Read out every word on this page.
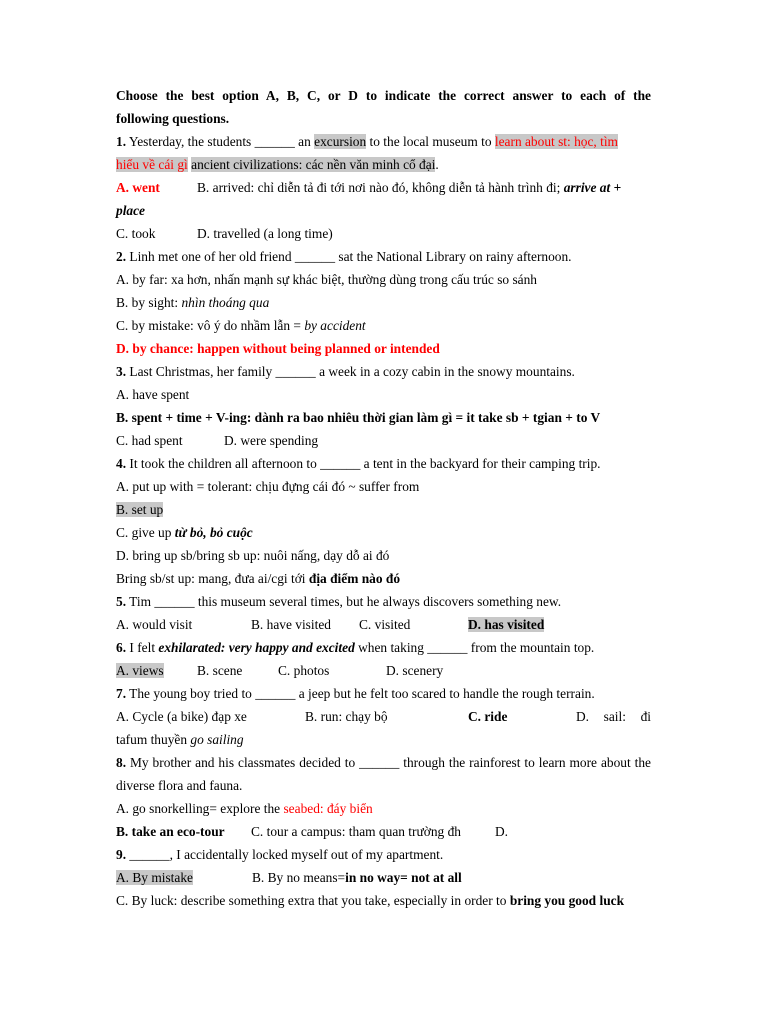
Choose the best option A, B, C, or D to indicate the correct answer to each of the
following questions.
1. Yesterday, the students ______ an excursion to the local museum to learn about st: học, tìm
hiểu về cái gì ancient civilizations: các nền văn minh cổ đại.
A. went	B. arrived: chỉ diễn tả đi tới nơi nào đó, không diễn tả hành trình đi; arrive at +
place
C. took	D. travelled (a long time)
2. Linh met one of her old friend ______ sat the National Library on rainy afternoon.
A. by far: xa hơn, nhấn mạnh sự khác biệt, thường dùng trong cấu trúc so sánh
B. by sight: nhìn thoáng qua
C. by mistake: vô ý do nhầm lẫn = by accident
D. by chance: happen without being planned or intended
3. Last Christmas, her family ______ a week in a cozy cabin in the snowy mountains.
A. have spent
B. spent + time + V-ing: dành ra bao nhiêu thời gian làm gì = it take sb + tgian + to V
C. had spent	D. were spending
4. It took the children all afternoon to ______ a tent in the backyard for their camping trip.
A. put up with = tolerant: chịu đựng cái đó ~ suffer from
B. set up
C. give up từ bỏ, bỏ cuộc
D. bring up sb/bring sb up: nuôi nấng, dạy dỗ ai đó
Bring sb/st up: mang, đưa ai/cgi tới địa điểm nào đó
5. Tim ______ this museum several times, but he always discovers something new.
A. would visit	B. have visited C. visited	D. has visited
6. I felt exhilarated: very happy and excited when taking ______ from the mountain top.
A. views B. scene	C. photos	D. scenery
7. The young boy tried to ______ a jeep but he felt too scared to handle the rough terrain.
A. Cycle (a bike) đạp xe	B. run: chạy bộ	C. ride	D. sail: đi
tafum thuyền go sailing
8. My brother and his classmates decided to ______ through the rainforest to learn more about the diverse flora and fauna.
A. go snorkelling= explore the seabed: đáy biển
B. take an eco-tour C. tour a campus: tham quan trường đh	D.
9. ______, I accidentally locked myself out of my apartment.
A. By mistake	B. By no means=in no way= not at all
C. By luck: describe something extra that you take, especially in order to bring you good luck
